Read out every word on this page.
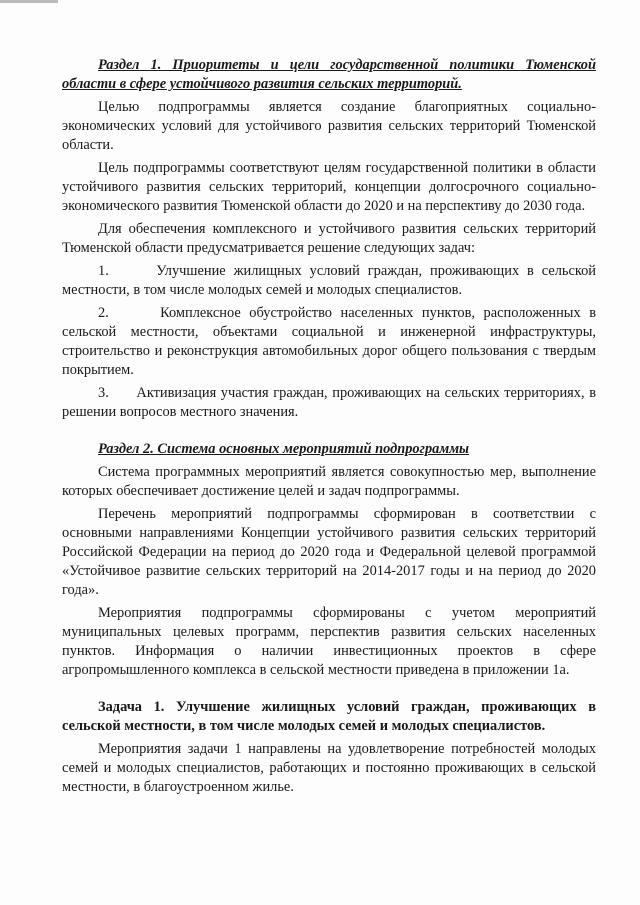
Раздел 1. Приоритеты и цели государственной политики Тюменской области в сфере устойчивого развития сельских территорий.

Целью подпрограммы является создание благоприятных социально-экономических условий для устойчивого развития сельских территорий Тюменской области.

Цель подпрограммы соответствуют целям государственной политики в области устойчивого развития сельских территорий, концепции долгосрочного социально-экономического развития Тюменской области до 2020 и на перспективу до 2030 года.

Для обеспечения комплексного и устойчивого развития сельских территорий Тюменской области предусматривается решение следующих задач:

1.	Улучшение жилищных условий граждан, проживающих в сельской местности, в том числе молодых семей и молодых специалистов.

2.	Комплексное обустройство населенных пунктов, расположенных в сельской местности, объектами социальной и инженерной инфраструктуры, строительство и реконструкция автомобильных дорог общего пользования с твердым покрытием.

3. Активизация участия граждан, проживающих на сельских территориях, в решении вопросов местного значения.

Раздел 2. Система основных мероприятий подпрограммы

Система программных мероприятий является совокупностью мер, выполнение которых обеспечивает достижение целей и задач подпрограммы.

Перечень мероприятий подпрограммы сформирован в соответствии с основными направлениями Концепции устойчивого развития сельских территорий Российской Федерации на период до 2020 года и Федеральной целевой программой «Устойчивое развитие сельских территорий на 2014-2017 годы и на период до 2020 года».

Мероприятия подпрограммы сформированы с учетом мероприятий муниципальных целевых программ, перспектив развития сельских населенных пунктов. Информация о наличии инвестиционных проектов в сфере агропромышленного комплекса в сельской местности приведена в приложении 1а.

Задача 1. Улучшение жилищных условий граждан, проживающих в сельской местности, в том числе молодых семей и молодых специалистов.

Мероприятия задачи 1 направлены на удовлетворение потребностей молодых семей и молодых специалистов, работающих и постоянно проживающих в сельской местности, в благоустроенном жилье.
